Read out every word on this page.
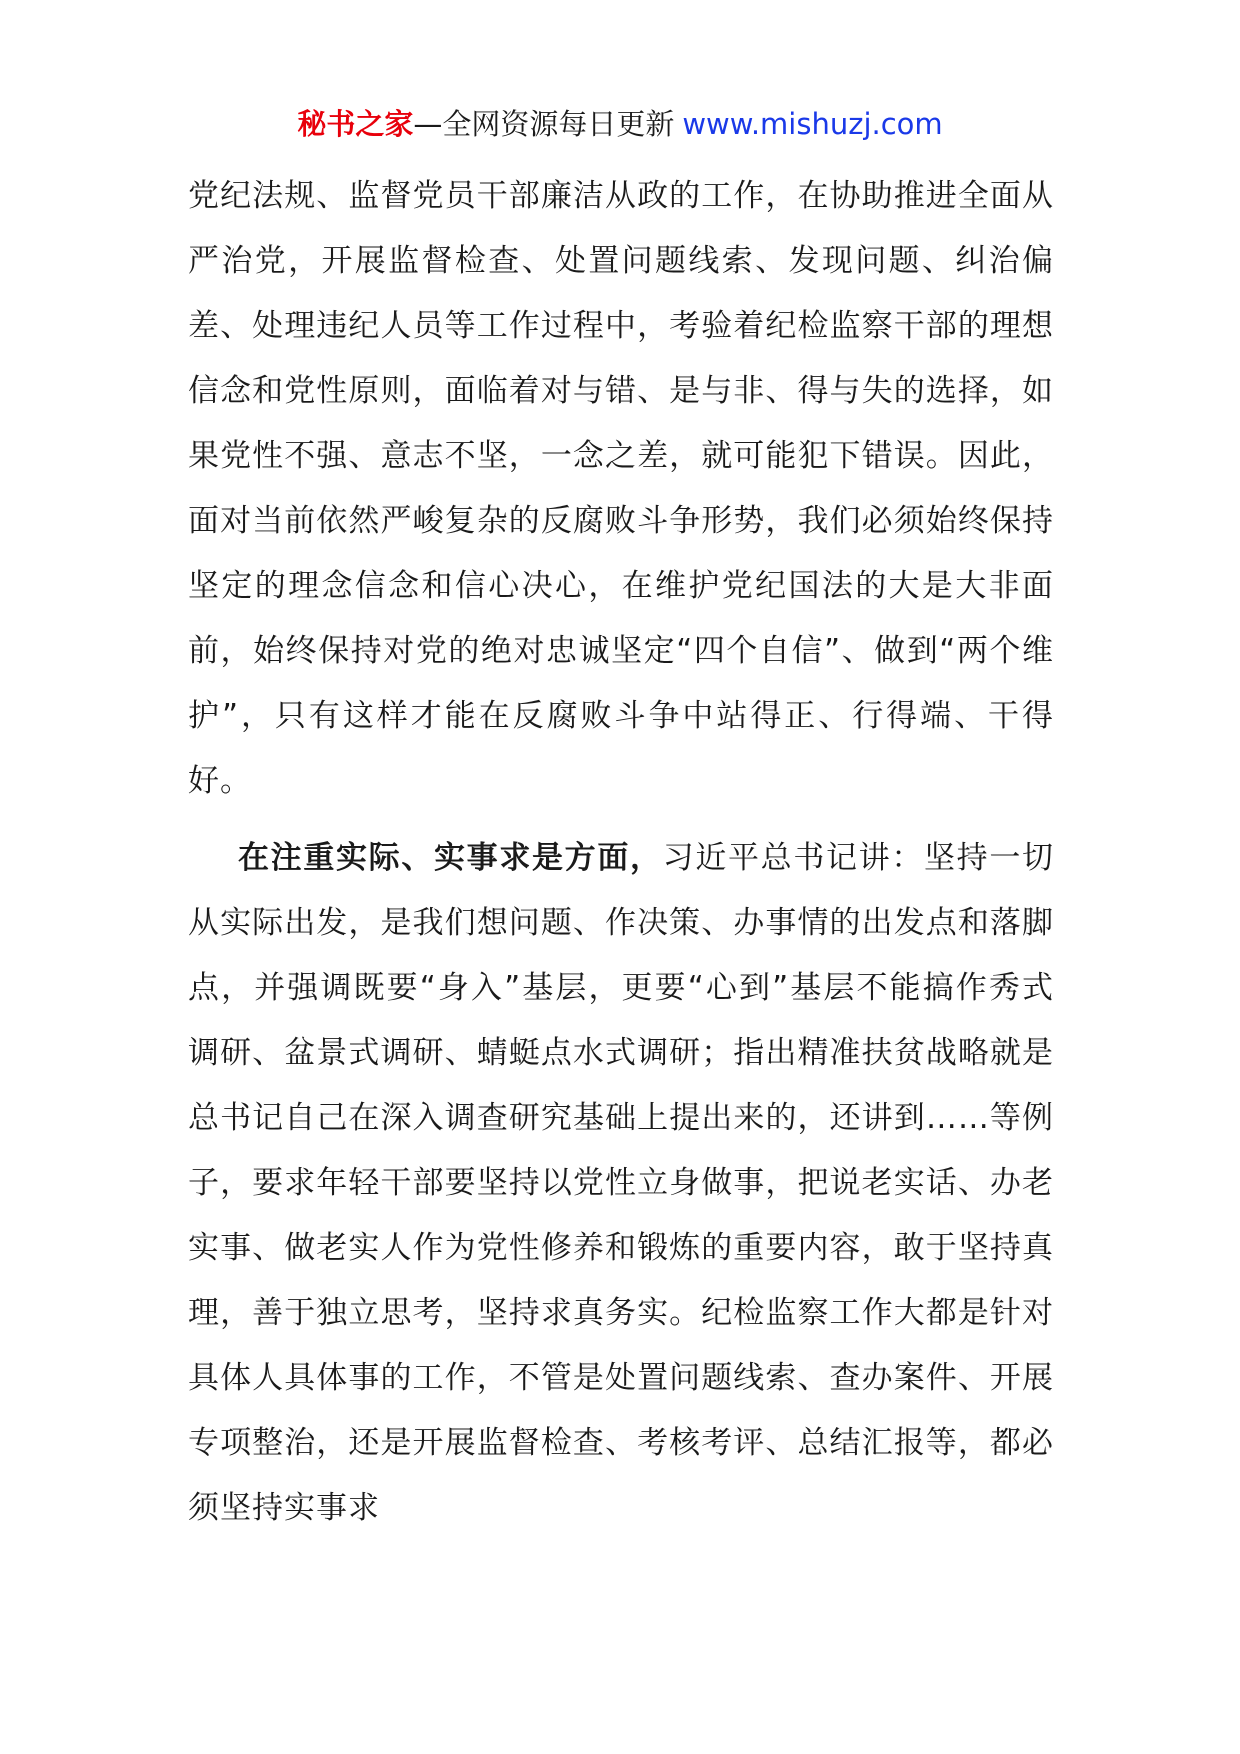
秘书之家—全网资源每日更新 www.mishuzj.com

党纪法规、监督党员干部廉洁从政的工作，在协助推进全面从严治党，开展监督检查、处置问题线索、发现问题、纠治偏差、处理违纪人员等工作过程中，考验着纪检监察干部的理想信念和党性原则，面临着对与错、是与非、得与失的选择，如果党性不强、意志不坚，一念之差，就可能犯下错误。因此，面对当前依然严峻复杂的反腐败斗争形势，我们必须始终保持坚定的理念信念和信心决心，在维护党纪国法的大是大非面前，始终保持对党的绝对忠诚坚定“四个自信”、做到“两个维护”，只有这样才能在反腐败斗争中站得正、行得端、干得好。

在注重实际、实事求是方面，习近平总书记讲：坚持一切从实际出发，是我们想问题、作决策、办事情的出发点和落脚点，并强调既要“身入”基层，更要“心到”基层不能搞作秀式调研、盆景式调研、蜻蜓点水式调研；指出精准扶贫战略就是总书记自己在深入调查研究基础上提出来的，还讲到……等例子，要求年轻干部要坚持以党性立身做事，把说老实话、办老实事、做老实人作为党性修养和锻炼的重要内容，敢于坚持真理，善于独立思考，坚持求真务实。纪检监察工作大都是针对具体人具体事的工作，不管是处置问题线索、查办案件、开展专项整治，还是开展监督检查、考核考评、总结汇报等，都必须坚持实事求
